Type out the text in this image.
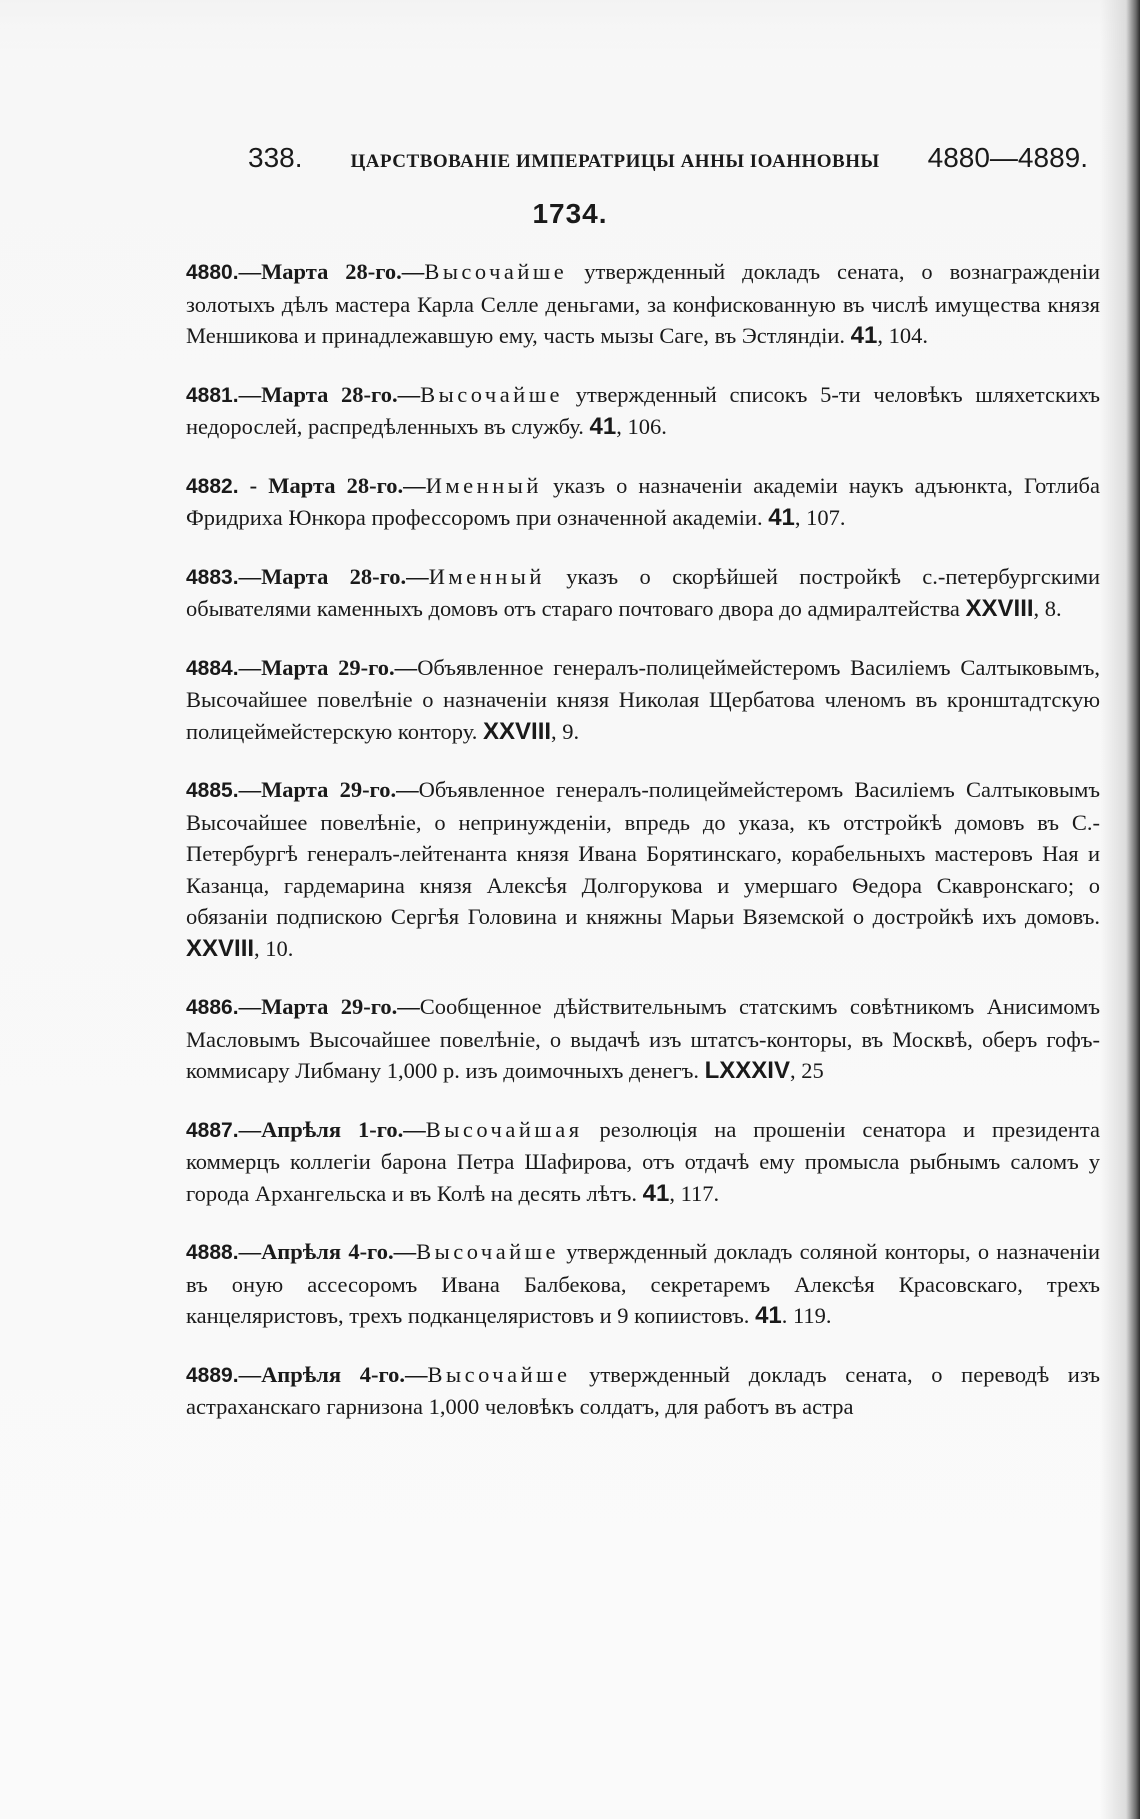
338.	ЦАРСТВОВАНІЕ ИМПЕРАТРИЦЫ АННЫ ІОАННОВНЫ 4880—4889.
1734.

4880.—Марта 28-го.—Высочайше утвержденный докладъ сената, о вознагражденіи золотыхъ дѣлъ мастера Карла Селле деньгами, за конфискованную въ числѣ имущества князя Меншикова и принадлежавшую ему, часть мызы Саге, въ Эстляндіи. 41, 104.

4881.—Марта 28-го.—Высочайше утвержденный списокъ 5-ти человѣкъ шляхетскихъ недорослей, распредѣленныхъ въ службу. 41, 106.

4882. - Марта 28-го.—Именный указъ о назначеніи академіи наукъ адъюнкта, Готлиба Фридриха Юнкора профессоромъ при означенной академіи. 41, 107.

4883.—Марта 28-го.—Именный указъ о скорѣйшей постройкѣ с.-петербургскими обывателями каменныхъ домовъ отъ стараго почтоваго двора до адмиралтейства XXVIII, 8.

4884.—Марта 29-го.—Объявленное генералъ-полицеймейстеромъ Василіемъ Салтыковымъ, Высочайшее повелѣніе о назначеніи князя Николая Щербатова членомъ въ кронштадтскую полицеймейстерскую контору. XXVIII, 9.

4885.—Марта 29-го.—Объявленное генералъ-полицеймейстеромъ Василіемъ Салтыковымъ Высочайшее повелѣніе, о непринужденіи, впредь до указа, къ отстройкѣ домовъ въ С.-Петербургѣ генералъ-лейтенанта князя Ивана Борятинскаго, корабельныхъ мастеровъ Ная и Казанца, гардемарина князя Алексѣя Долгорукова и умершаго Ѳедора Скавронскаго; о обязаніи подпискою Сергѣя Головина и княжны Марьи Вяземской о достройкѣ ихъ домовъ. XXVIII, 10.

4886.—Марта 29-го.—Сообщенное дѣйствительнымъ статскимъ совѣтникомъ Анисимомъ Масловымъ Высочайшее повелѣніе, о выдачѣ изъ штатсъ-конторы, въ Москвѣ, оберъ гофъ-коммисару Либману 1,000 р. изъ доимочныхъ денегъ. LXXXIV, 25

4887.—Апрѣля 1-го.—Высочайшая резолюція на прошеніи сенатора и президента коммерцъ коллегіи барона Петра Шафирова, отъ отдачѣ ему промысла рыбнымъ саломъ у города Архангельска и въ Колѣ на десять лѣтъ. 41, 117.

4888.—Апрѣля 4-го.—Высочайше утвержденный докладъ соляной конторы, о назначеніи въ оную ассесоромъ Ивана Балбекова, секретаремъ Алексѣя Красовскаго, трехъ канцеляристовъ, трехъ подканцеляристовъ и 9 копиистовъ. 41. 119.

4889.—Апрѣля 4-го.—Высочайше утвержденный докладъ сената, о переводѣ изъ астраханскаго гарнизона 1,000 человѣкъ солдатъ, для работъ въ астра
